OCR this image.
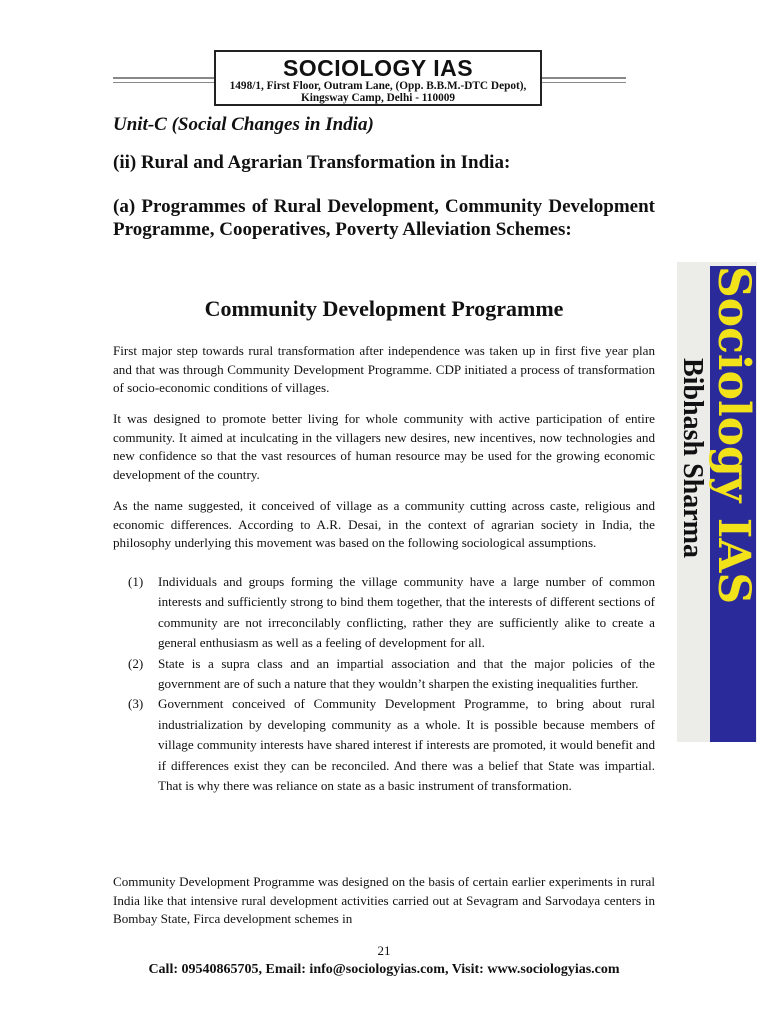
SOCIOLOGY IAS
1498/1, First Floor, Outram Lane, (Opp. B.B.M.-DTC Depot),
Kingsway Camp, Delhi - 110009
Unit-C (Social Changes in India)
(ii) Rural and Agrarian Transformation in India:
(a) Programmes of Rural Development, Community Development Programme, Cooperatives, Poverty Alleviation Schemes:
Community Development Programme

First major step towards rural transformation after independence was taken up in first five year plan and that was through Community Development Programme. CDP initiated a process of transformation of socio-economic conditions of villages.

It was designed to promote better living for whole community with active participation of entire community. It aimed at inculcating in the villagers new desires, new incentives, now technologies and new confidence so that the vast resources of human resource may be used for the growing economic development of the country.

As the name suggested, it conceived of village as a community cutting across caste, religious and economic differences. According to A.R. Desai, in the context of agrarian society in India, the philosophy underlying this movement was based on the following sociological assumptions.

(1) Individuals and groups forming the village community have a large number of common interests and sufficiently strong to bind them together, that the interests of different sections of community are not irreconcilably conflicting, rather they are sufficiently alike to create a general enthusiasm as well as a feeling of development for all.
(2) State is a supra class and an impartial association and that the major policies of the government are of such a nature that they wouldn’t sharpen the existing inequalities further.
(3) Government conceived of Community Development Programme, to bring about rural industrialization by developing community as a whole. It is possible because members of village community interests have shared interest if interests are promoted, it would benefit and if differences exist they can be reconciled. And there was a belief that State was impartial. That is why there was reliance on state as a basic instrument of transformation.

Community Development Programme was designed on the basis of certain earlier experiments in rural India like that intensive rural development activities carried out at Sevagram and Sarvodaya centers in Bombay State, Firca development schemes in

Bibhash Sharma Sociology IAS
21
Call: 09540865705, Email: info@sociologyias.com, Visit: www.sociologyias.com
